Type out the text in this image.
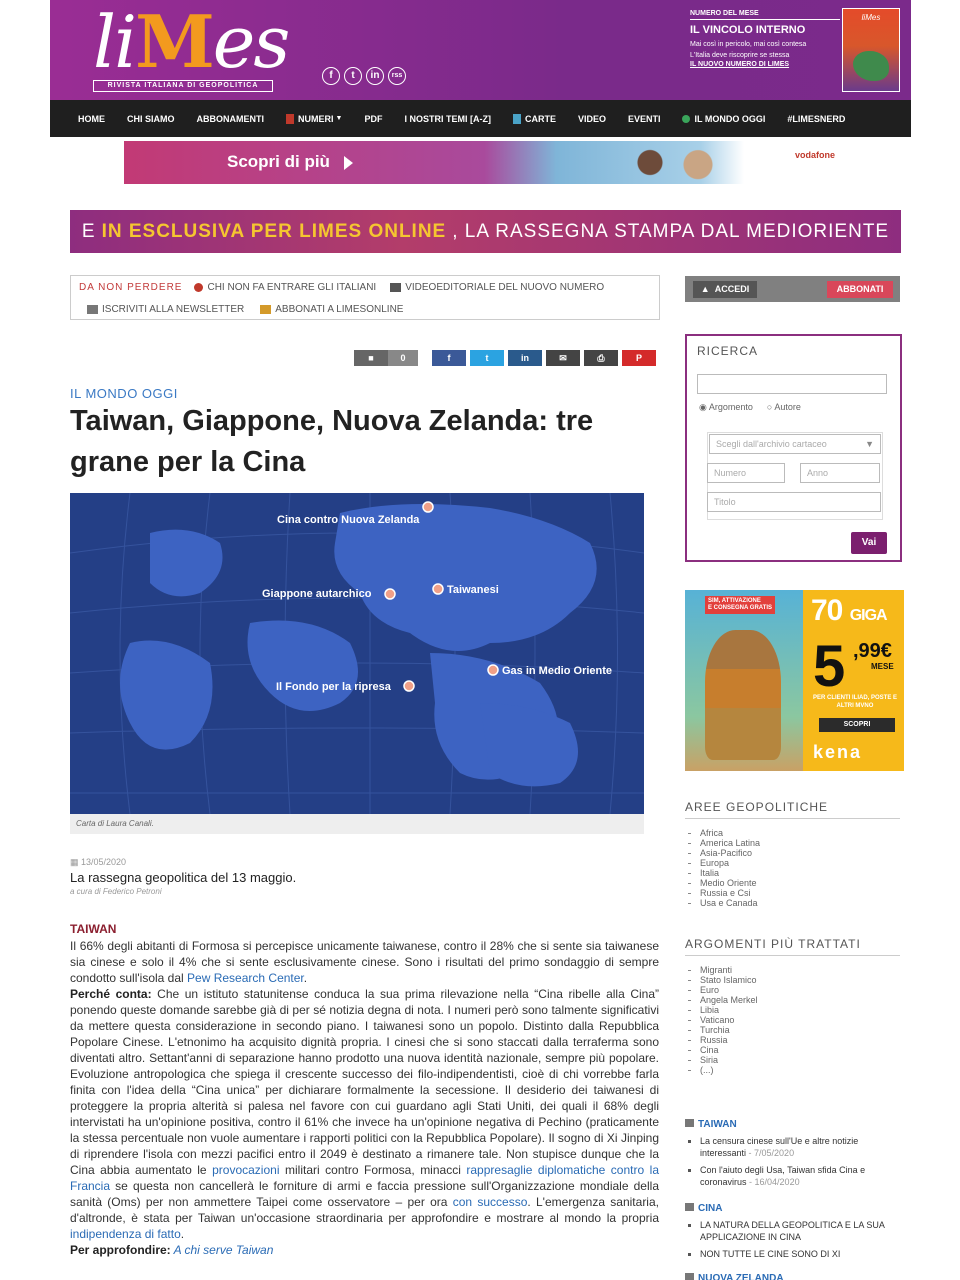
liMes
RIVISTA ITALIANA DI GEOPOLITICA
f	t	in	rss
NUMERO DEL MESE
IL VINCOLO INTERNO
Mai così in pericolo, mai così contesa
L'Italia deve riscoprire se stessa
IL NUOVO NUMERO DI LIMES
liMes
HOME CHI SIAMO ABBONAMENTI	NUMERI ▼ PDF I NOSTRI TEMI [A-Z]	CARTE VIDEO EVENTI	IL MONDO OGGI #LIMESNERD
Scopri di più	vodafone
E IN ESCLUSIVA PER LIMES ONLINE , LA RASSEGNA STAMPA DAL MEDIORIENTE
DA NON PERDERE	CHI NON FA ENTRARE GLI ITALIANI	VIDEOEDITORIALE DEL NUOVO NUMERO
ISCRIVITI ALLA NEWSLETTER	ABBONATI A LIMESONLINE
■	0	f	t	in	✉	⎙	P
IL MONDO OGGI
Taiwan, Giappone, Nuova Zelanda: tre grane per la Cina
Cina contro Nuova Zelanda
Giappone autarchico	Taiwanesi
Gas in Medio Oriente
Il Fondo per la ripresa
Carta di Laura Canali.
▦ 13/05/2020
La rassegna geopolitica del 13 maggio.
a cura di Federico Petroni
TAIWAN

Il 66% degli abitanti di Formosa si percepisce unicamente taiwanese, contro il 28% che si sente sia taiwanese sia cinese e solo il 4% che si sente esclusivamente cinese. Sono i risultati del primo sondaggio di sempre condotto sull'isola dal Pew Research Center.

Perché conta: Che un istituto statunitense conduca la sua prima rilevazione nella “Cina ribelle alla Cina” ponendo queste domande sarebbe già di per sé notizia degna di nota. I numeri però sono talmente significativi da mettere questa considerazione in secondo piano. I taiwanesi sono un popolo. Distinto dalla Repubblica Popolare Cinese. L'etnonimo ha acquisito dignità propria. I cinesi che si sono staccati dalla terraferma sono diventati altro. Settant'anni di separazione hanno prodotto una nuova identità nazionale, sempre più popolare. Evoluzione antropologica che spiega il crescente successo dei filo-indipendentisti, cioè di chi vorrebbe farla finita con l'idea della “Cina unica” per dichiarare formalmente la secessione. Il desiderio dei taiwanesi di proteggere la propria alterità si palesa nel favore con cui guardano agli Stati Uniti, dei quali il 68% degli intervistati ha un'opinione positiva, contro il 61% che invece ha un'opinione negativa di Pechino (praticamente la stessa percentuale non vuole aumentare i rapporti politici con la Repubblica Popolare). Il sogno di Xi Jinping di riprendere l'isola con mezzi pacifici entro il 2049 è destinato a rimanere tale. Non stupisce dunque che la Cina abbia aumentato le provocazioni militari contro Formosa, minacci rappresaglie diplomatiche contro la Francia se questa non cancellerà le forniture di armi e faccia pressione sull'Organizzazione mondiale della sanità (Oms) per non ammettere Taipei come osservatore – per ora con successo. L'emergenza sanitaria, d'altronde, è stata per Taiwan un'occasione straordinaria per approfondire e mostrare al mondo la propria indipendenza di fatto.

Per approfondire: A chi serve Taiwan

▲ ACCEDI	ABBONATI
RICERCA
◉ Argomento ○ Autore
Scegli dall'archivio cartaceo	▼
Numero	Anno
Titolo
Vai
SIM, ATTIVAZIONE
E CONSEGNA GRATIS 70 GIGA
5 ,99€
MESE
PER CLIENTI ILIAD, POSTE E ALTRI MVNO
SCOPRI
kena
AREE GEOPOLITICHE
Africa
America Latina
Asia-Pacifico
Europa
Italia
Medio Oriente
Russia e Csi
Usa e Canada
ARGOMENTI PIÙ TRATTATI
Migranti
Stato Islamico
Euro
Angela Merkel
Libia
Vaticano
Turchia
Russia
Cina
Siria
(...)
TAIWAN
La censura cinese sull'Ue e altre notizie interessanti - 7/05/2020
Con l'aiuto degli Usa, Taiwan sfida Cina e coronavirus - 16/04/2020
CINA
LA NATURA DELLA GEOPOLITICA E LA SUA APPLICAZIONE IN CINA
NON TUTTE LE CINE SONO DI XI
NUOVA ZELANDA
